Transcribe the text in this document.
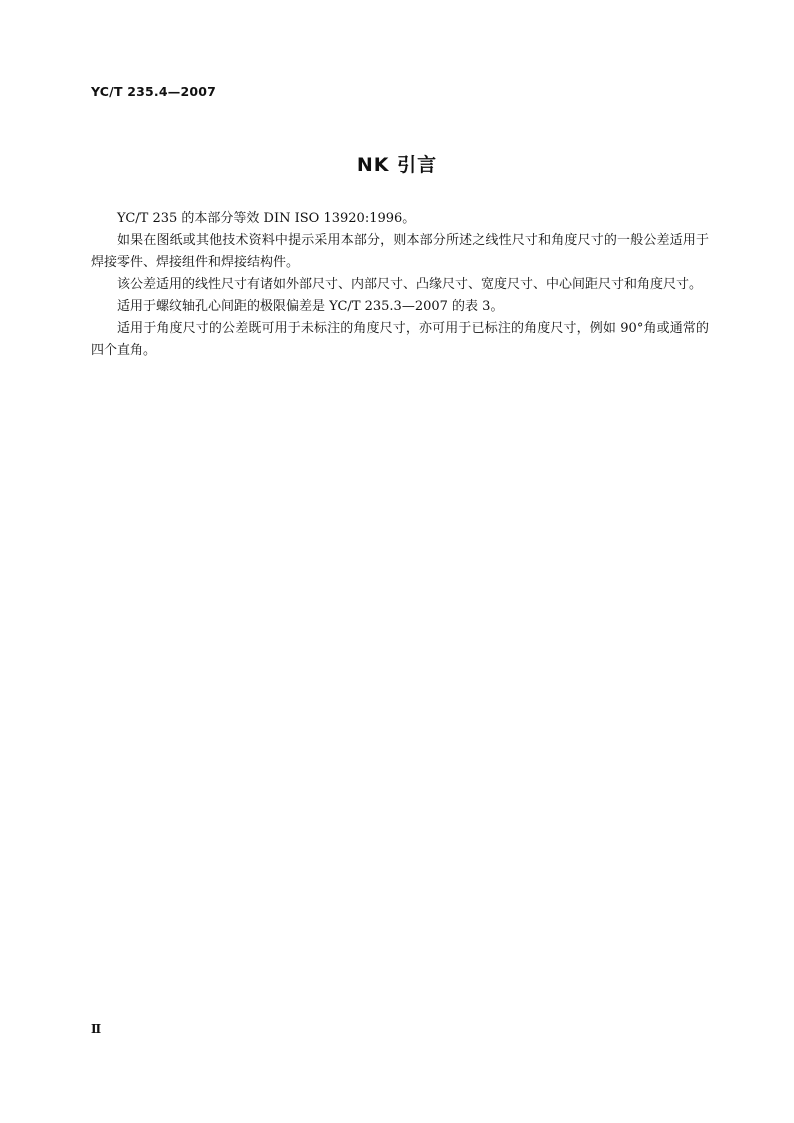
YC/T 235.4—2007
NK 引言

YC/T 235 的本部分等效 DIN ISO 13920:1996。

如果在图纸或其他技术资料中提示采用本部分，则本部分所述之线性尺寸和角度尺寸的一般公差适用于焊接零件、焊接组件和焊接结构件。

该公差适用的线性尺寸有诸如外部尺寸、内部尺寸、凸缘尺寸、宽度尺寸、中心间距尺寸和角度尺寸。

适用于螺纹轴孔心间距的极限偏差是 YC/T 235.3—2007 的表 3。

适用于角度尺寸的公差既可用于未标注的角度尺寸，亦可用于已标注的角度尺寸，例如 90°角或通常的四个直角。

Ⅱ
